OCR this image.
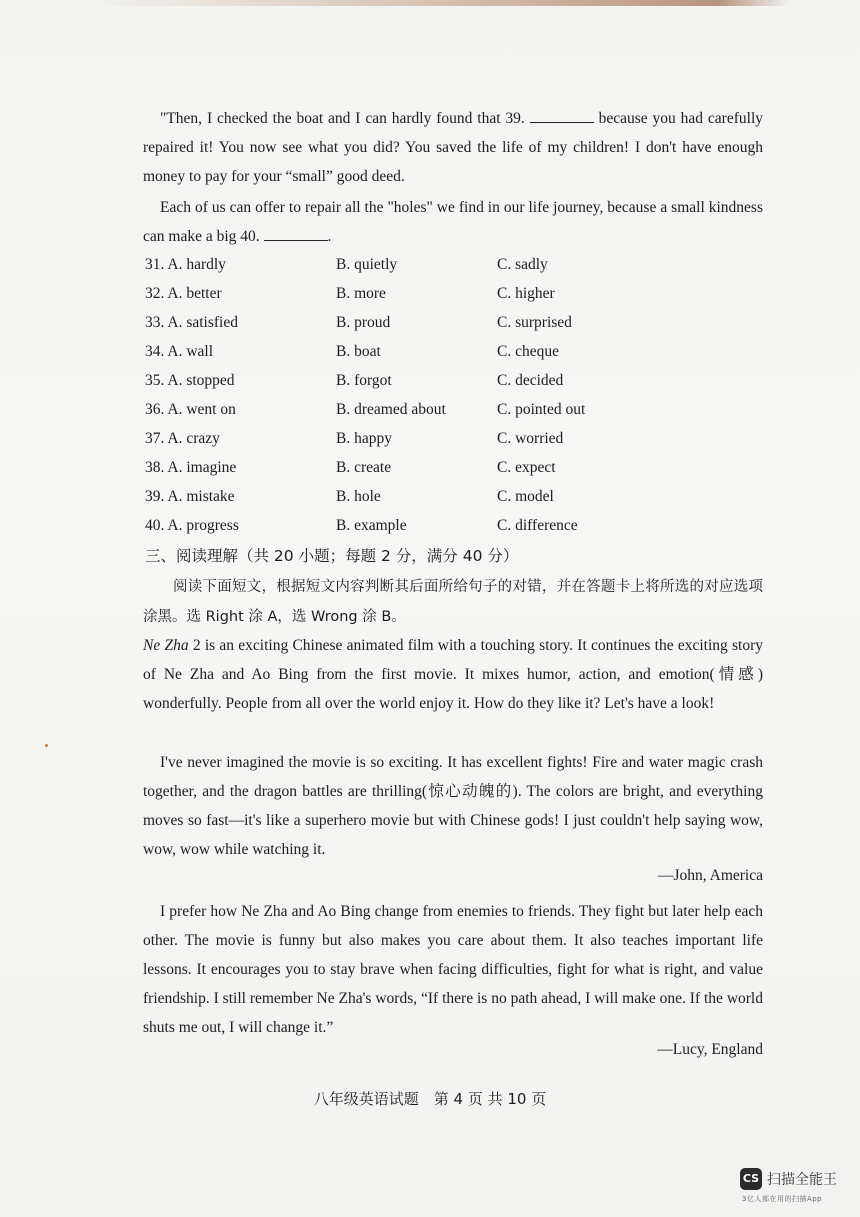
"Then, I checked the boat and I can hardly found that 39.	because you had carefully repaired it! You now see what you did? You saved the life of my children! I don't have enough money to pay for your “small” good deed.
Each of us can offer to repair all the "holes" we find in our life journey, because a small kindness can make a big 40.	.
31. A. hardly	B. quietly	C. sadly
32. A. better	B. more	C. higher
33. A. satisfied	B. proud	C. surprised
34. A. wall	B. boat	C. cheque
35. A. stopped	B. forgot	C. decided
36. A. went on	B. dreamed about	C. pointed out
37. A. crazy	B. happy	C. worried
38. A. imagine	B. create	C. expect
39. A. mistake	B. hole	C. model
40. A. progress	B. example	C. difference
三、阅读理解（共 20 小题；每题 2 分，满分 40 分）
阅读下面短文，根据短文内容判断其后面所给句子的对错，并在答题卡上将所选的对应选项涂黑。选 Right 涂 A，选 Wrong 涂 B。
Ne Zha 2 is an exciting Chinese animated film with a touching story. It continues the exciting story of Ne Zha and Ao Bing from the first movie. It mixes humor, action, and emotion(情感) wonderfully. People from all over the world enjoy it. How do they like it? Let's have a look!
I've never imagined the movie is so exciting. It has excellent fights! Fire and water magic crash together, and the dragon battles are thrilling(惊心动魄的). The colors are bright, and everything moves so fast—it's like a superhero movie but with Chinese gods! I just couldn't help saying wow, wow, wow while watching it.
—John, America
I prefer how Ne Zha and Ao Bing change from enemies to friends. They fight but later help each other. The movie is funny but also makes you care about them. It also teaches important life lessons. It encourages you to stay brave when facing difficulties, fight for what is right, and value friendship. I still remember Ne Zha's words, “If there is no path ahead, I will make one. If the world shuts me out, I will change it.”
—Lucy, England
八年级英语试题　第 4 页 共 10 页
CS 扫描全能王
3亿人都在用的扫描App
